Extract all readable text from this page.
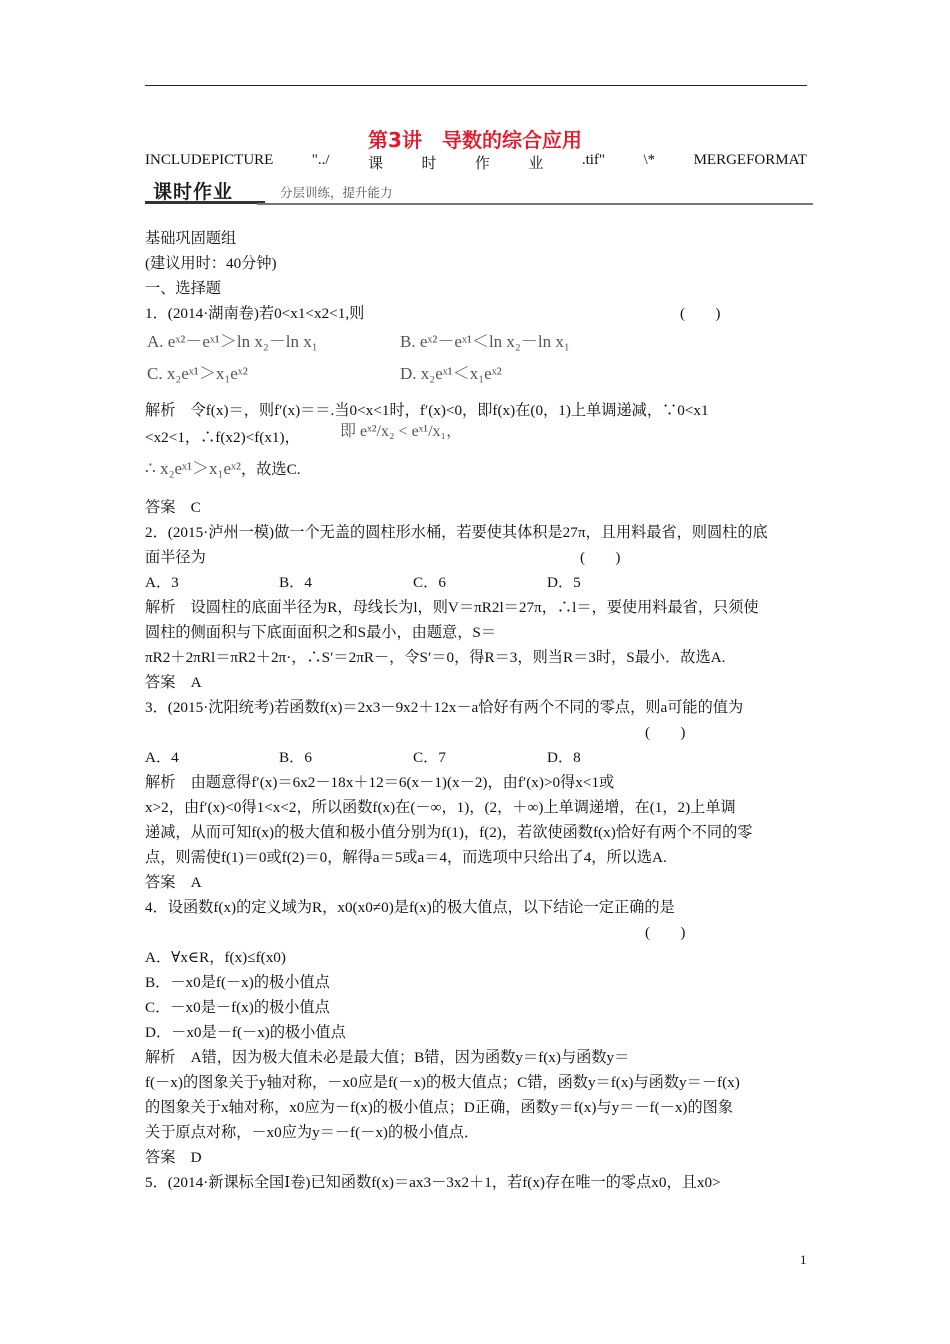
第3讲　导数的综合应用
INCLUDEPICTURE	"../	课	时	作	业	.tif"	\*	MERGEFORMAT
课时作业	分层训练，提升能力
基础巩固题组
(建议用时：40分钟)
一、选择题
1．(2014·湖南卷)若0<x1<x2<1,则	(　　)
A. eˣ²－eˣ¹＞ln x₂－ln x₁	B. eˣ²－eˣ¹＜ln x₂－ln x₁
C. x₂eˣ¹＞x₁eˣ²	D. x₂eˣ¹＜x₁eˣ²
解析　令f(x)＝，则f′(x)＝＝.当0<x<1时，f′(x)<0，即f(x)在(0，1)上单调递减，∵0<x1
<x2<1，∴f(x2)<f(x1)，	即 eˣ²/x₂ < eˣ¹/x₁，
∴ x₂eˣ¹＞x₁eˣ²，故选C.
答案　C
2．(2015·泸州一模)做一个无盖的圆柱形水桶，若要使其体积是27π，且用料最省，则圆柱的底
面半径为	(　　)
A．3	B．4	C．6	D．5
解析　设圆柱的底面半径为R，母线长为l，则V＝πR2l＝27π，∴l＝，要使用料最省，只须使
圆柱的侧面积与下底面面积之和S最小，由题意，S＝
πR2＋2πRl＝πR2＋2π·，∴S′＝2πR－，令S′＝0，得R＝3，则当R＝3时，S最小．故选A.
答案　A
3．(2015·沈阳统考)若函数f(x)＝2x3－9x2＋12x－a恰好有两个不同的零点，则a可能的值为
(　　)
A．4	B．6	C．7	D．8
解析　由题意得f′(x)＝6x2－18x＋12＝6(x－1)(x－2)，由f′(x)>0得x<1或
x>2，由f′(x)<0得1<x<2，所以函数f(x)在(－∞，1)，(2，＋∞)上单调递增，在(1，2)上单调
递减，从而可知f(x)的极大值和极小值分别为f(1)，f(2)，若欲使函数f(x)恰好有两个不同的零
点，则需使f(1)＝0或f(2)＝0，解得a＝5或a＝4，而选项中只给出了4，所以选A.
答案　A
4．设函数f(x)的定义域为R，x0(x0≠0)是f(x)的极大值点，以下结论一定正确的是
(　　)
A．∀x∈R，f(x)≤f(x0)
B．－x0是f(－x)的极小值点
C．－x0是－f(x)的极小值点
D．－x0是－f(－x)的极小值点
解析　A错，因为极大值未必是最大值；B错，因为函数y＝f(x)与函数y＝
f(－x)的图象关于y轴对称，－x0应是f(－x)的极大值点；C错，函数y＝f(x)与函数y＝－f(x)
的图象关于x轴对称，x0应为－f(x)的极小值点；D正确，函数y＝f(x)与y＝－f(－x)的图象
关于原点对称，－x0应为y＝－f(－x)的极小值点．
答案　D
5．(2014·新课标全国Ⅰ卷)已知函数f(x)＝ax3－3x2＋1，若f(x)存在唯一的零点x0，且x0>
1
